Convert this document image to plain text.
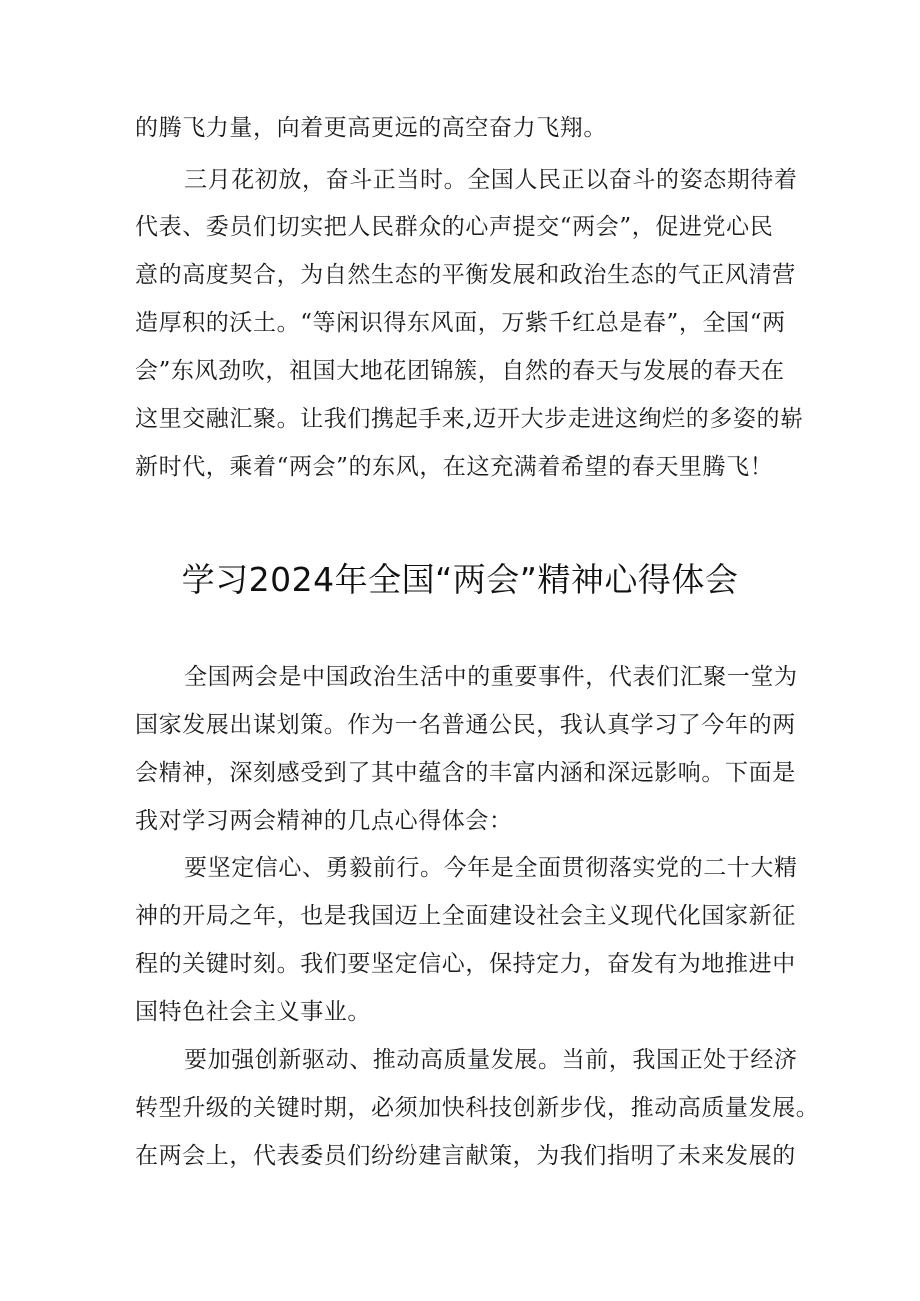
的腾飞力量，向着更高更远的高空奋力飞翔。
三月花初放，奋斗正当时。全国人民正以奋斗的姿态期待着
代表、委员们切实把人民群众的心声提交“两会”，促进党心民
意的高度契合，为自然生态的平衡发展和政治生态的气正风清营
造厚积的沃土。“等闲识得东风面，万紫千红总是春”，全国“两
会”东风劲吹，祖国大地花团锦簇，自然的春天与发展的春天在
这里交融汇聚。让我们携起手来,迈开大步走进这绚烂的多姿的崭
新时代，乘着“两会”的东风，在这充满着希望的春天里腾飞！
学习2024年全国“两会”精神心得体会
全国两会是中国政治生活中的重要事件，代表们汇聚一堂为
国家发展出谋划策。作为一名普通公民，我认真学习了今年的两
会精神，深刻感受到了其中蕴含的丰富内涵和深远影响。下面是
我对学习两会精神的几点心得体会：
要坚定信心、勇毅前行。今年是全面贯彻落实党的二十大精
神的开局之年，也是我国迈上全面建设社会主义现代化国家新征
程的关键时刻。我们要坚定信心，保持定力，奋发有为地推进中
国特色社会主义事业。
要加强创新驱动、推动高质量发展。当前，我国正处于经济
转型升级的关键时期，必须加快科技创新步伐，推动高质量发展。
在两会上，代表委员们纷纷建言献策，为我们指明了未来发展的
